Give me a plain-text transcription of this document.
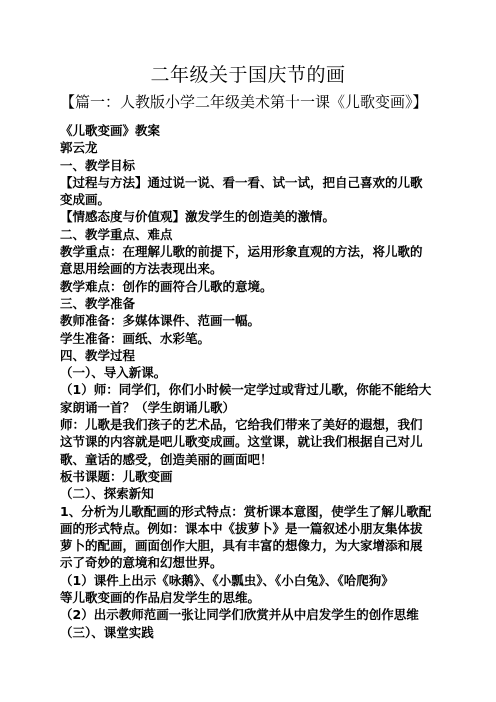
二年级关于国庆节的画

【篇一：人教版小学二年级美术第十一课《儿歌变画》】

《儿歌变画》教案
郭云龙
一、教学目标
【过程与方法】通过说一说、看一看、试一试，把自己喜欢的儿歌
变成画。
【情感态度与价值观】激发学生的创造美的激情。
二、教学重点、难点
教学重点：在理解儿歌的前提下，运用形象直观的方法，将儿歌的
意思用绘画的方法表现出来。
教学难点：创作的画符合儿歌的意境。
三、教学准备
教师准备：多媒体课件、范画一幅。
学生准备：画纸、水彩笔。
四、教学过程
（一）、导入新课。
（1）师：同学们，你们小时候一定学过或背过儿歌，你能不能给大
家朗诵一首？（学生朗诵儿歌）
师：儿歌是我们孩子的艺术品，它给我们带来了美好的遐想，我们
这节课的内容就是吧儿歌变成画。这堂课，就让我们根据自己对儿
歌、童话的感受，创造美丽的画面吧！
板书课题：儿歌变画
（二）、探索新知
1、分析为儿歌配画的形式特点：赏析课本意图，使学生了解儿歌配
画的形式特点。例如：课本中《拔萝卜》是一篇叙述小朋友集体拔
萝卜的配画，画面创作大胆，具有丰富的想像力，为大家增添和展
示了奇妙的意境和幻想世界。
（1）课件上出示《咏鹅》、《小瓢虫》、《小白兔》、《哈爬狗》
等儿歌变画的作品启发学生的思维。
（2）出示教师范画一张让同学们欣赏并从中启发学生的创作思维
（三）、课堂实践
